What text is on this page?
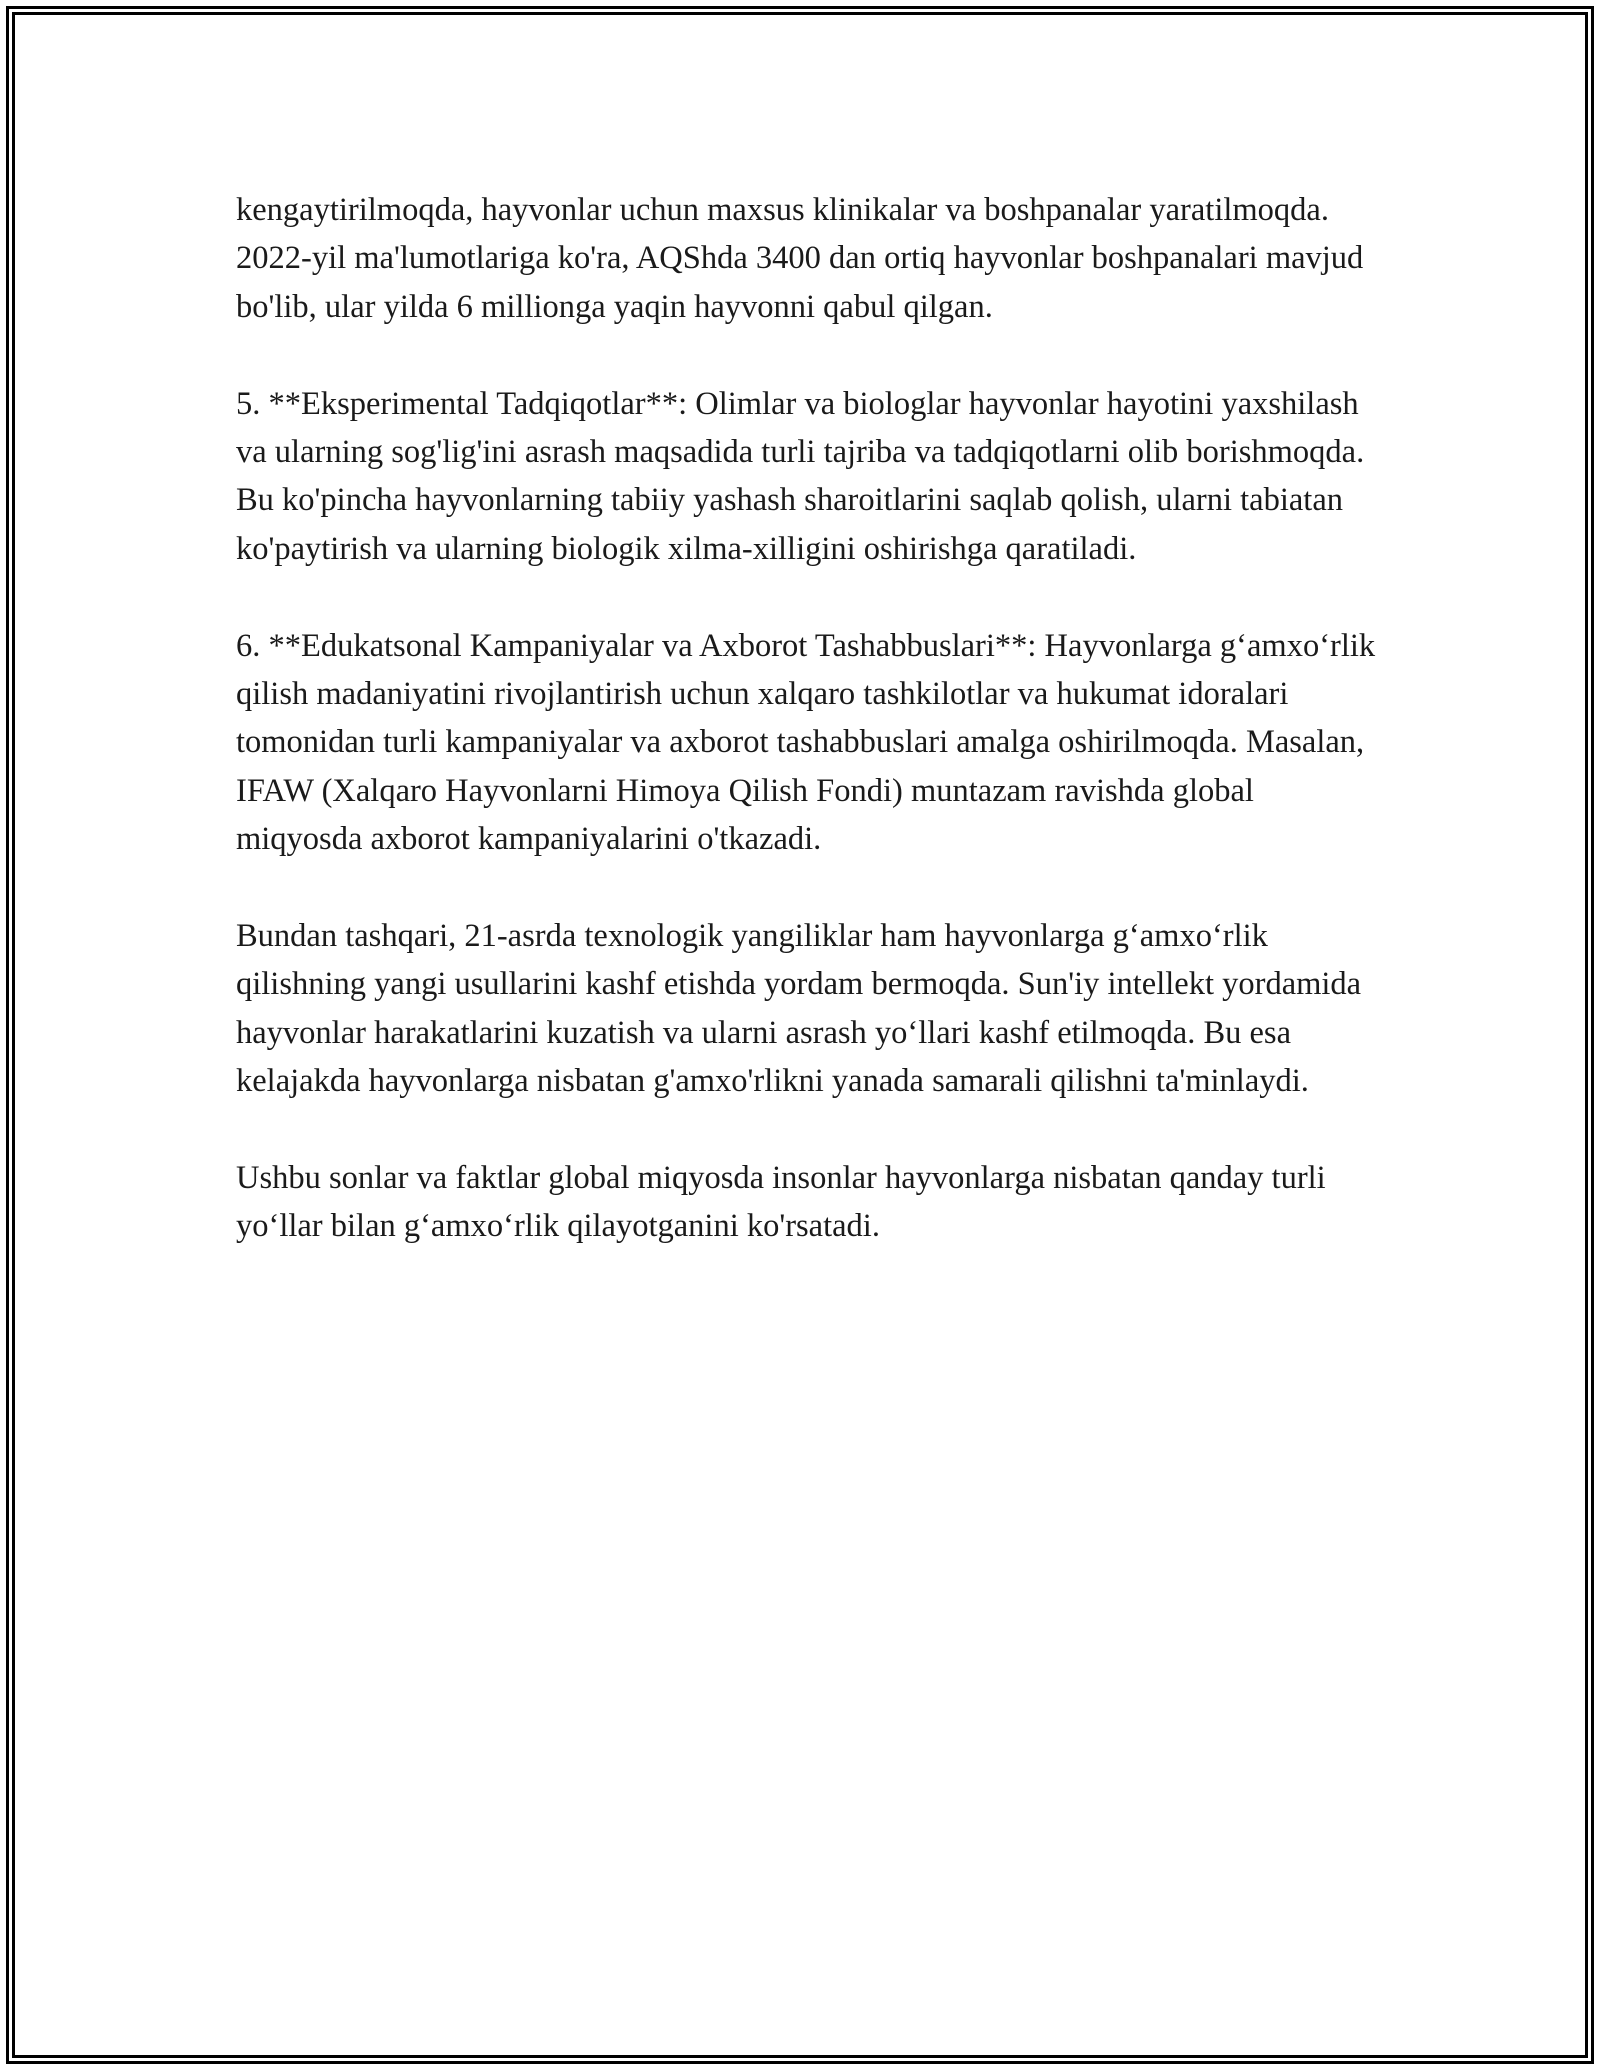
kengaytirilmoqda, hayvonlar uchun maxsus klinikalar va boshpanalar yaratilmoqda. 2022-yil ma'lumotlariga ko'ra, AQShda 3400 dan ortiq hayvonlar boshpanalari mavjud bo'lib, ular yilda 6 millionga yaqin hayvonni qabul qilgan.

5. **Eksperimental Tadqiqotlar**: Olimlar va biologlar hayvonlar hayotini yaxshilash va ularning sog'lig'ini asrash maqsadida turli tajriba va tadqiqotlarni olib borishmoqda. Bu ko'pincha hayvonlarning tabiiy yashash sharoitlarini saqlab qolish, ularni tabiatan ko'paytirish va ularning biologik xilma-xilligini oshirishga qaratiladi.

6. **Edukatsonal Kampaniyalar va Axborot Tashabbuslari**: Hayvonlarga g‘amxo‘rlik qilish madaniyatini rivojlantirish uchun xalqaro tashkilotlar va hukumat idoralari tomonidan turli kampaniyalar va axborot tashabbuslari amalga oshirilmoqda. Masalan, IFAW (Xalqaro Hayvonlarni Himoya Qilish Fondi) muntazam ravishda global miqyosda axborot kampaniyalarini o'tkazadi.

Bundan tashqari, 21-asrda texnologik yangiliklar ham hayvonlarga g‘amxo‘rlik qilishning yangi usullarini kashf etishda yordam bermoqda. Sun'iy intellekt yordamida hayvonlar harakatlarini kuzatish va ularni asrash yo‘llari kashf etilmoqda. Bu esa kelajakda hayvonlarga nisbatan g'amxo'rlikni yanada samarali qilishni ta'minlaydi.

Ushbu sonlar va faktlar global miqyosda insonlar hayvonlarga nisbatan qanday turli yo‘llar bilan g‘amxo‘rlik qilayotganini ko'rsatadi.
